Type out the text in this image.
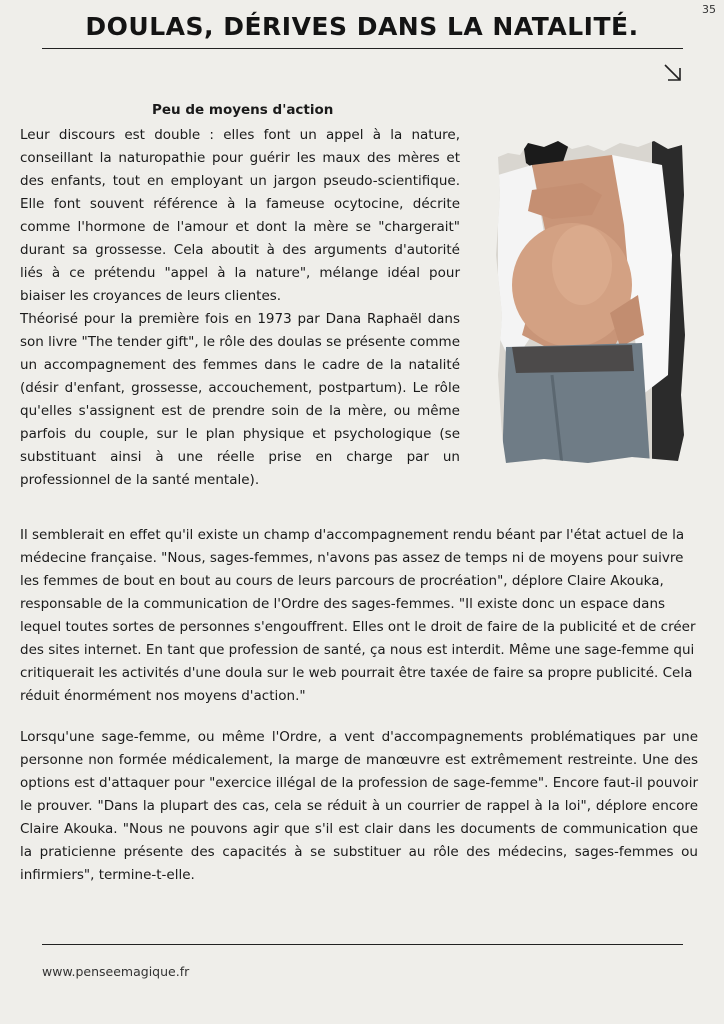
35
DOULAS, DÉRIVES DANS LA NATALITÉ.
Peu de moyens d'action

Leur discours est double : elles font un appel à la nature, conseillant la naturopathie pour guérir les maux des mères et des enfants, tout en employant un jargon pseudo-scientifique. Elle font souvent référence à la fameuse ocytocine, décrite comme l'hormone de l'amour et dont la mère se "chargerait" durant sa grossesse. Cela aboutit à des arguments d'autorité liés à ce prétendu "appel à la nature", mélange idéal pour biaiser les croyances de leurs clientes.

Théorisé pour la première fois en 1973 par Dana Raphaël dans son livre "The tender gift", le rôle des doulas se présente comme un accompagnement des femmes dans le cadre de la natalité (désir d'enfant, grossesse, accouchement, postpartum). Le rôle qu'elles s'assignent est de prendre soin de la mère, ou même parfois du couple, sur le plan physique et psychologique (se substituant ainsi à une réelle prise en charge par un professionnel de la santé mentale).

Il semblerait en effet qu'il existe un champ d'accompagnement rendu béant par l'état actuel de la médecine française. "Nous, sages-femmes, n'avons pas assez de temps ni de moyens pour suivre les femmes de bout en bout au cours de leurs parcours de procréation", déplore Claire Akouka, responsable de la communication de l'Ordre des sages-femmes. "Il existe donc un espace dans lequel toutes sortes de personnes s'engouffrent. Elles ont le droit de faire de la publicité et de créer des sites internet. En tant que profession de santé, ça nous est interdit. Même une sage-femme qui critiquerait les activités d'une doula sur le web pourrait être taxée de faire sa propre publicité. Cela réduit énormément nos moyens d'action."

Lorsqu'une sage-femme, ou même l'Ordre, a vent d'accompagnements problématiques par une personne non formée médicalement, la marge de manœuvre est extrêmement restreinte. Une des options est d'attaquer pour "exercice illégal de la profession de sage-femme". Encore faut-il pouvoir le prouver. "Dans la plupart des cas, cela se réduit à un courrier de rappel à la loi", déplore encore Claire Akouka. "Nous ne pouvons agir que s'il est clair dans les documents de communication que la praticienne présente des capacités à se substituer au rôle des médecins, sages-femmes ou infirmiers", termine-t-elle.

www.penseemagique.fr
